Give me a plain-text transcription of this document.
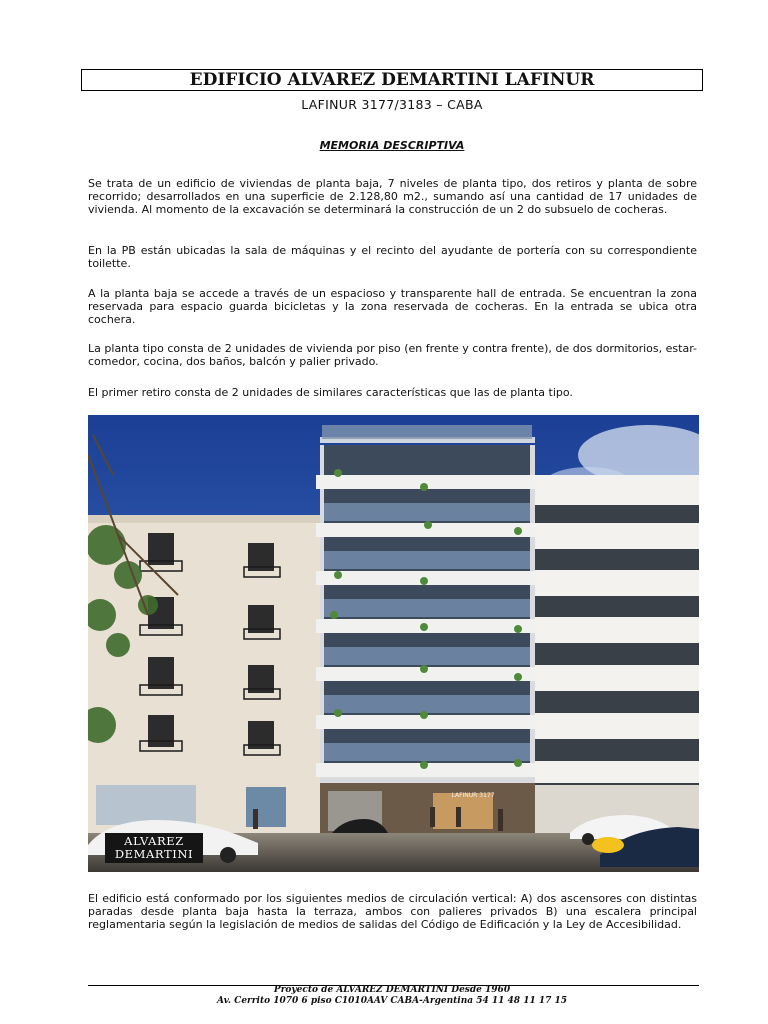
EDIFICIO ALVAREZ DEMARTINI LAFINUR
LAFINUR 3177/3183 – CABA
MEMORIA DESCRIPTIVA

Se trata de un edificio de viviendas de planta baja, 7 niveles de planta tipo, dos retiros y planta de sobre recorrido; desarrollados en una superficie de 2.128,80 m2., sumando así una cantidad de 17 unidades de vivienda. Al momento de la excavación se determinará la construcción de un 2 do subsuelo de cocheras.

En la PB están ubicadas la sala de máquinas y el recinto del ayudante de portería con su correspondiente toilette.

A la planta baja se accede a través de un espacioso y transparente hall de entrada. Se encuentran la zona reservada para espacio guarda bicicletas y la zona reservada de cocheras. En la entrada se ubica otra cochera.

La planta tipo consta de 2 unidades de vivienda por piso (en frente y contra frente), de dos dormitorios, estar-comedor, cocina, dos baños, balcón y palier privado.

El primer retiro consta de 2 unidades de similares características que las de planta tipo.

LAFINUR 3177
ALVAREZ
DEMARTINI

El edificio está conformado por los siguientes medios de circulación vertical: A) dos ascensores con distintas paradas desde planta baja hasta la terraza, ambos con palieres privados B) una escalera principal reglamentaria según la legislación de medios de salidas del Código de Edificación y la Ley de Accesibilidad.

Proyecto de ALVAREZ DEMARTINI Desde 1960
Av. Cerrito 1070 6 piso C1010AAV CABA-Argentina 54 11 48 11 17 15
